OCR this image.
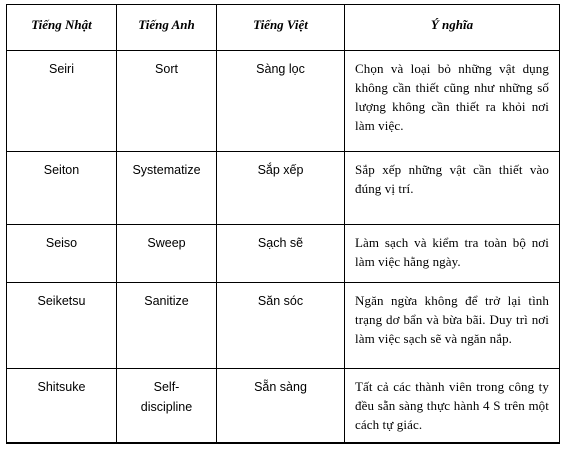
Tiếng Nhật	Tiếng Anh	Tiếng Việt	Ý nghĩa
Seiri	Sort	Sàng lọc	Chọn và loại bỏ những vật dụng không cần thiết cũng như những số lượng không cần thiết ra khỏi nơi làm việc.
Seiton	Systematize	Sắp xếp	Sắp xếp những vật cần thiết vào đúng vị trí.
Seiso	Sweep	Sạch sẽ	Làm sạch và kiểm tra toàn bộ nơi làm việc hằng ngày.
Seiketsu	Sanitize	Săn sóc	Ngăn ngừa không để trở lại tình trạng dơ bẩn và bừa bãi. Duy trì nơi làm việc sạch sẽ và ngăn nắp.
Shitsuke	Self-discipline	Sẵn sàng	Tất cả các thành viên trong công ty đều sẵn sàng thực hành 4 S trên một cách tự giác.
